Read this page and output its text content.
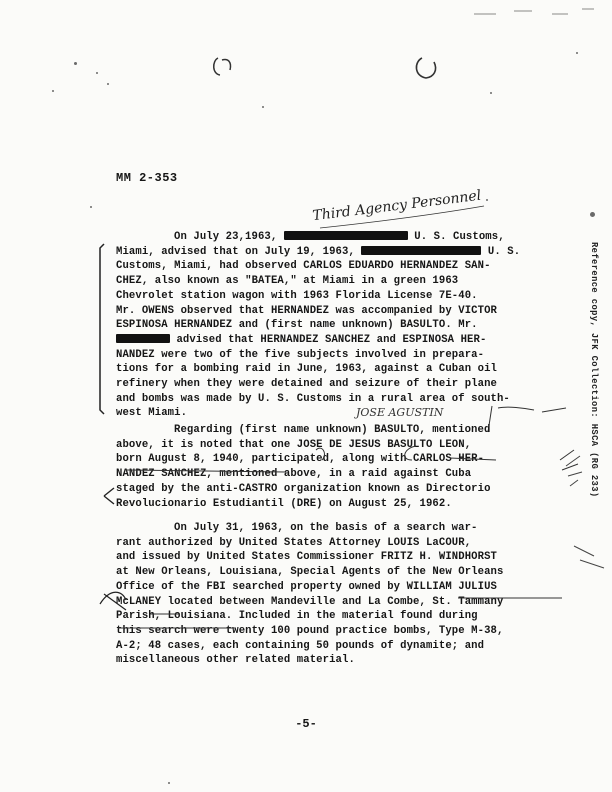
MM 2-353
Third Agency Personnel
On July 23,1963,	U. S. Customs,
Miami, advised that on July 19, 1963,	U. S.
Customs, Miami, had observed CARLOS EDUARDO HERNANDEZ SAN-
CHEZ, also known as "BATEA," at Miami in a green 1963
Chevrolet station wagon with 1963 Florida License 7E-40.
Mr. OWENS observed that HERNANDEZ was accompanied by VICTOR
ESPINOSA HERNANDEZ and (first name unknown) BASULTO. Mr.
advised that HERNANDEZ SANCHEZ and ESPINOSA HER-
NANDEZ were two of the five subjects involved in prepara-
tions for a bombing raid in June, 1963, against a Cuban oil
refinery when they were detained and seizure of their plane
and bombs was made by U. S. Customs in a rural area of south-
west Miami.	JOSE AGUSTIN
Regarding (first name unknown) BASULTO, mentioned
above, it is noted that one JOSE DE JESUS BASULTO LEON,
born August 8, 1940, participated, along with CARLOS HER-
NANDEZ SANCHEZ, mentioned above, in a raid against Cuba
staged by the anti-CASTRO organization known as Directorio
Revolucionario Estudiantil (DRE) on August 25, 1962.
On July 31, 1963, on the basis of a search war-
rant authorized by United States Attorney LOUIS LaCOUR,
and issued by United States Commissioner FRITZ H. WINDHORST
at New Orleans, Louisiana, Special Agents of the New Orleans
Office of the FBI searched property owned by WILLIAM JULIUS
McLANEY located between Mandeville and La Combe, St. Tammany
Parish, Louisiana. Included in the material found during
this search were twenty 100 pound practice bombs, Type M-38,
A-2; 48 cases, each containing 50 pounds of dynamite; and
miscellaneous other related material.
Reference copy, JFK Collection: HSCA (RG 233)
-5-
